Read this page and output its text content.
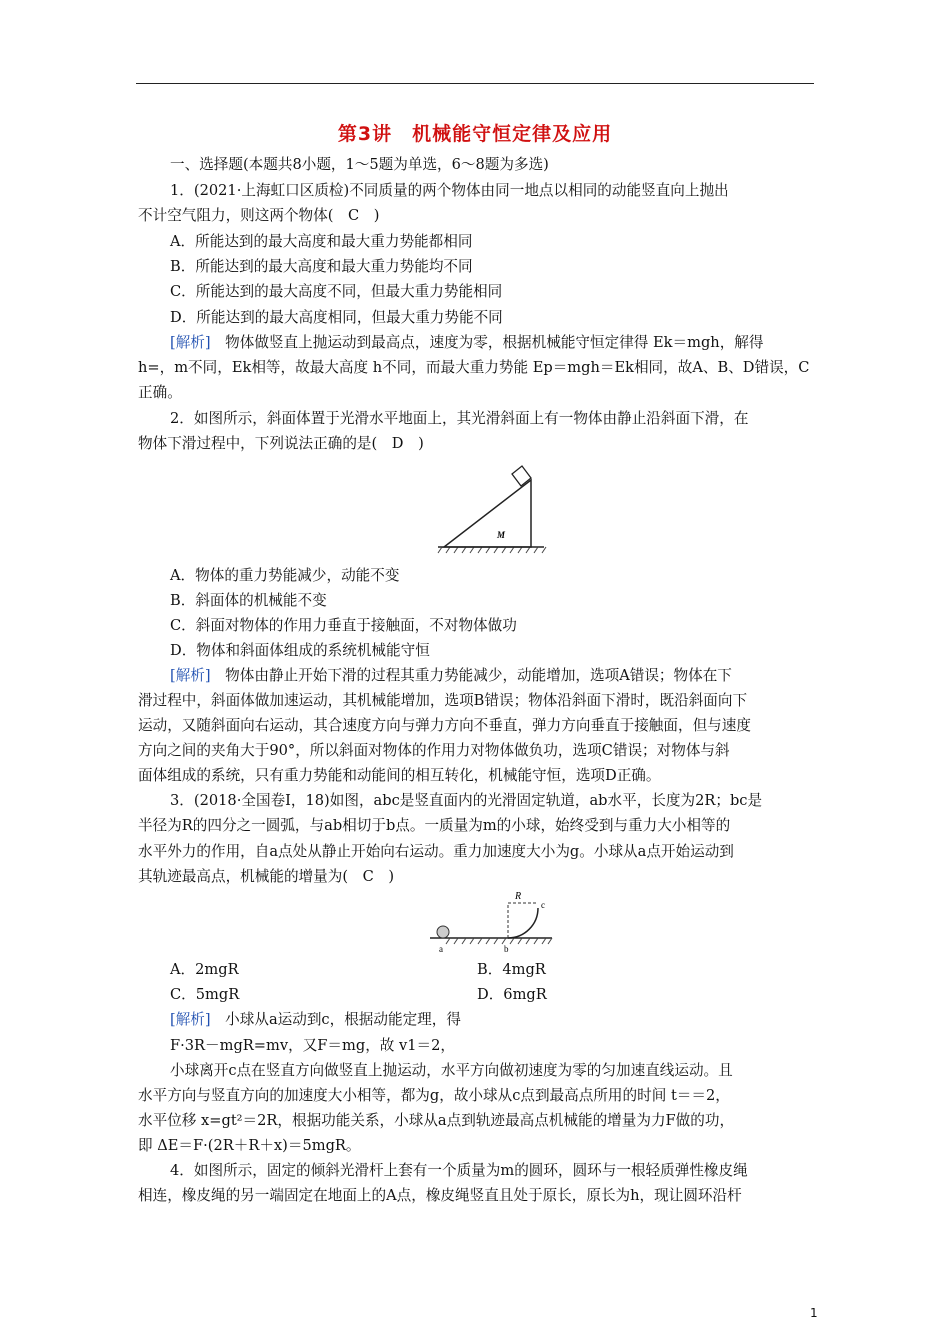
第3讲　机械能守恒定律及应用
一、选择题(本题共8小题，1～5题为单选，6～8题为多选)
1．(2021·上海虹口区质检)不同质量的两个物体由同一地点以相同的动能竖直向上抛出
不计空气阻力，则这两个物体(　C　)
A．所能达到的最大高度和最大重力势能都相同
B．所能达到的最大高度和最大重力势能均不同
C．所能达到的最大高度不同，但最大重力势能相同
D．所能达到的最大高度相同，但最大重力势能不同
[解析]　物体做竖直上抛运动到最高点，速度为零，根据机械能守恒定律得 Ek＝mgh，解得
h=，m不同，Ek相等，故最大高度 h不同，而最大重力势能 Ep＝mgh＝Ek相同，故A、B、D错误，C
正确。
2．如图所示，斜面体置于光滑水平地面上，其光滑斜面上有一物体由静止沿斜面下滑，在
物体下滑过程中，下列说法正确的是(　D　)
M
A．物体的重力势能减少，动能不变
B．斜面体的机械能不变
C．斜面对物体的作用力垂直于接触面，不对物体做功
D．物体和斜面体组成的系统机械能守恒
[解析]　物体由静止开始下滑的过程其重力势能减少，动能增加，选项A错误；物体在下
滑过程中，斜面体做加速运动，其机械能增加，选项B错误；物体沿斜面下滑时，既沿斜面向下
运动，又随斜面向右运动，其合速度方向与弹力方向不垂直，弹力方向垂直于接触面，但与速度
方向之间的夹角大于90°，所以斜面对物体的作用力对物体做负功，选项C错误；对物体与斜
面体组成的系统，只有重力势能和动能间的相互转化，机械能守恒，选项D正确。
3．(2018·全国卷Ⅰ，18)如图，abc是竖直面内的光滑固定轨道，ab水平，长度为2R；bc是
半径为R的四分之一圆弧，与ab相切于b点。一质量为m的小球，始终受到与重力大小相等的
水平外力的作用，自a点处从静止开始向右运动。重力加速度大小为g。小球从a点开始运动到
其轨迹最高点，机械能的增量为(　C　)
R
c
a	b
A．2mgR	B．4mgR
C．5mgR	D．6mgR
[解析]　小球从a运动到c，根据动能定理，得
F·3R－mgR=mv，又F＝mg，故 v1＝2，
小球离开c点在竖直方向做竖直上抛运动，水平方向做初速度为零的匀加速直线运动。且
水平方向与竖直方向的加速度大小相等，都为g，故小球从c点到最高点所用的时间 t＝＝2，
水平位移 x=gt²＝2R，根据功能关系，小球从a点到轨迹最高点机械能的增量为力F做的功，
即 ΔE＝F·(2R＋R＋x)＝5mgR。
4．如图所示，固定的倾斜光滑杆上套有一个质量为m的圆环，圆环与一根轻质弹性橡皮绳
相连，橡皮绳的另一端固定在地面上的A点，橡皮绳竖直且处于原长，原长为h，现让圆环沿杆
1
